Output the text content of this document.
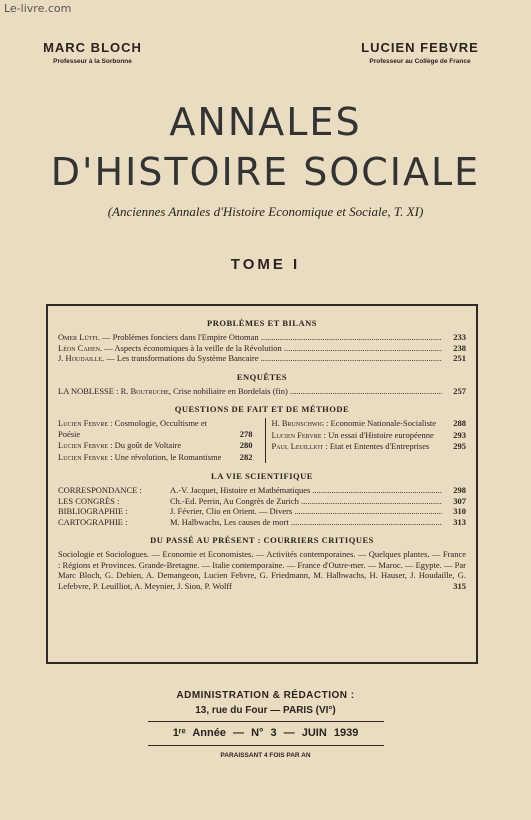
Le-livre.com
MARC BLOCH
Professeur à la Sorbonne
LUCIEN FEBVRE
Professeur au Collège de France
ANNALES
D'HISTOIRE SOCIALE
(Anciennes Annales d'Histoire Economique et Sociale, T. XI)
TOME I
PROBLÈMES ET BILANS
Omer Lütfi. — Problèmes fonciers dans l'Empire Ottoman .....	233
Léon Cahen. — Aspects économiques à la veille de la Révolution .....	238
J. Houdaille. — Les transformations du Système Bancaire .....	251
ENQUÊTES
LA NOBLESSE : R. Boutruche, Crise nobiliaire en Bordelais (fin) .....	257
QUESTIONS DE FAIT ET DE MÉTHODE
Lucien Febvre : Cosmologie, Occultisme et Poésie	278
Lucien Febvre : Du goût de Voltaire	280
Lucien Febvre : Une révolution, le Romantisme	282
H. Brunschwig : Economie Nationale-Socialiste	288
Lucien Febvre : Un essai d'Histoire européenne	293
Paul Leuilliot : Etat et Ententes d'Entreprises	295
LA VIE SCIENTIFIQUE
CORRESPONDANCE :	A.-V. Jacquet, Histoire et Mathématiques .....	298
LES CONGRÈS :	Ch.-Ed. Perrin, Au Congrès de Zurich .....	307
BIBLIOGRAPHIE :	J. Février, Clio en Orient. — Divers .....	310
CARTOGRAPHIE :	M. Halbwachs, Les causes de mort .....	313
DU PASSÉ AU PRÉSENT : COURRIERS CRITIQUES
Sociologie et Sociologues. — Economie et Economistes. — Activités contemporaines. — Quelques plantes. — France : Régions et Provinces. Grande-Bretagne. — Italie contemporaine. — France d'Outre-mer. — Maroc. — Egypte. — Par Marc Bloch, G. Debien, A. Demangeon, Lucien Febvre, G. Friedmann, M. Halbwachs, H. Hauser, J. Houdaille, G. Lefebvre, P. Leuilliot, A. Meynier, J. Sion, P. Wolff	315
ADMINISTRATION & RÉDACTION :
13, rue du Four — PARIS (VI°)
1ʳᵉ Année — N° 3 — JUIN 1939
PARAISSANT 4 FOIS PAR AN
